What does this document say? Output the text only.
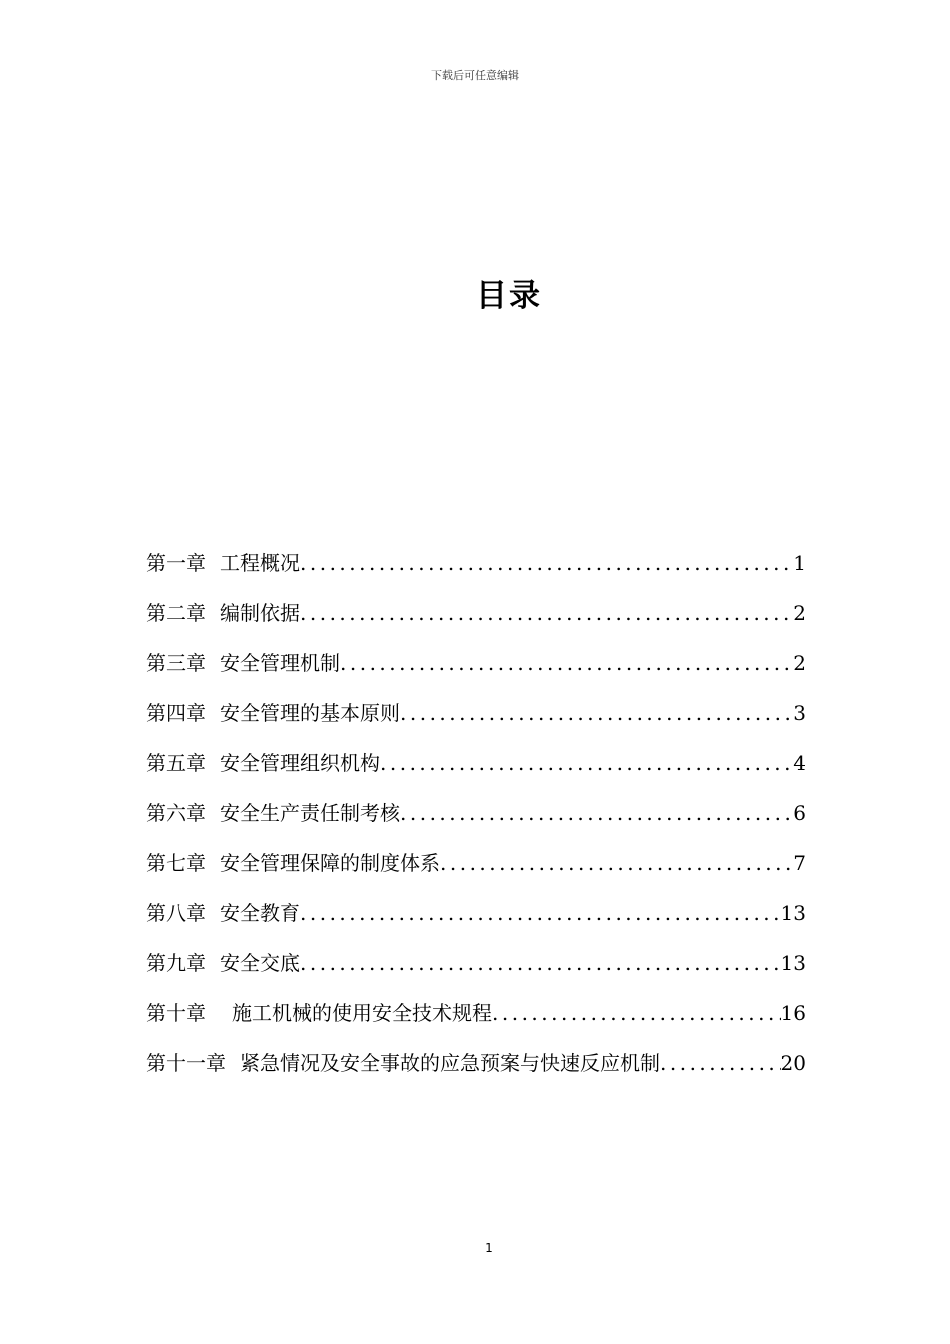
下载后可任意编辑
目录
第一章 工程概况 .....	1
第二章 编制依据 .....	2
第三章 安全管理机制 .....	2
第四章 安全管理的基本原则 .....	3
第五章 安全管理组织机构 .....	4
第六章 安全生产责任制考核 .....	6
第七章 安全管理保障的制度体系 .....	7
第八章 安全教育 .....	13
第九章 安全交底 .....	13
第十章 施工机械的使用安全技术规程 .....	16
第十一章 紧急情况及安全事故的应急预案与快速反应机制 .....	20
1
